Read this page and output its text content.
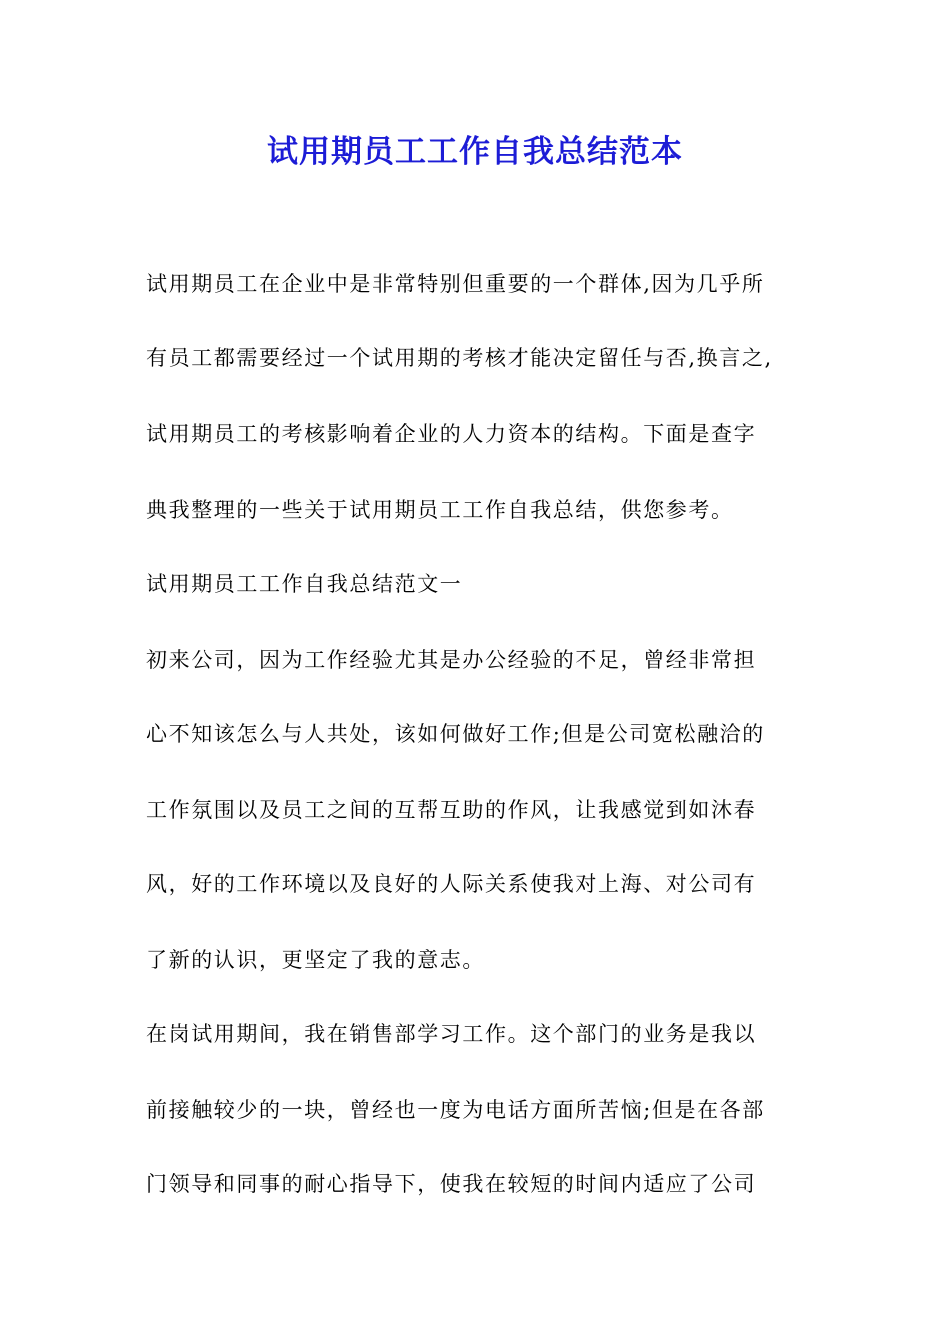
试用期员工工作自我总结范本
试用期员工在企业中是非常特别但重要的一个群体,因为几乎所
有员工都需要经过一个试用期的考核才能决定留任与否,换言之,
试用期员工的考核影响着企业的人力资本的结构。下面是查字
典我整理的一些关于试用期员工工作自我总结，供您参考。
试用期员工工作自我总结范文一
初来公司，因为工作经验尤其是办公经验的不足，曾经非常担
心不知该怎么与人共处，该如何做好工作;但是公司宽松融洽的
工作氛围以及员工之间的互帮互助的作风，让我感觉到如沐春
风，好的工作环境以及良好的人际关系使我对上海、对公司有
了新的认识，更坚定了我的意志。
在岗试用期间，我在销售部学习工作。这个部门的业务是我以
前接触较少的一块，曾经也一度为电话方面所苦恼;但是在各部
门领导和同事的耐心指导下，使我在较短的时间内适应了公司
